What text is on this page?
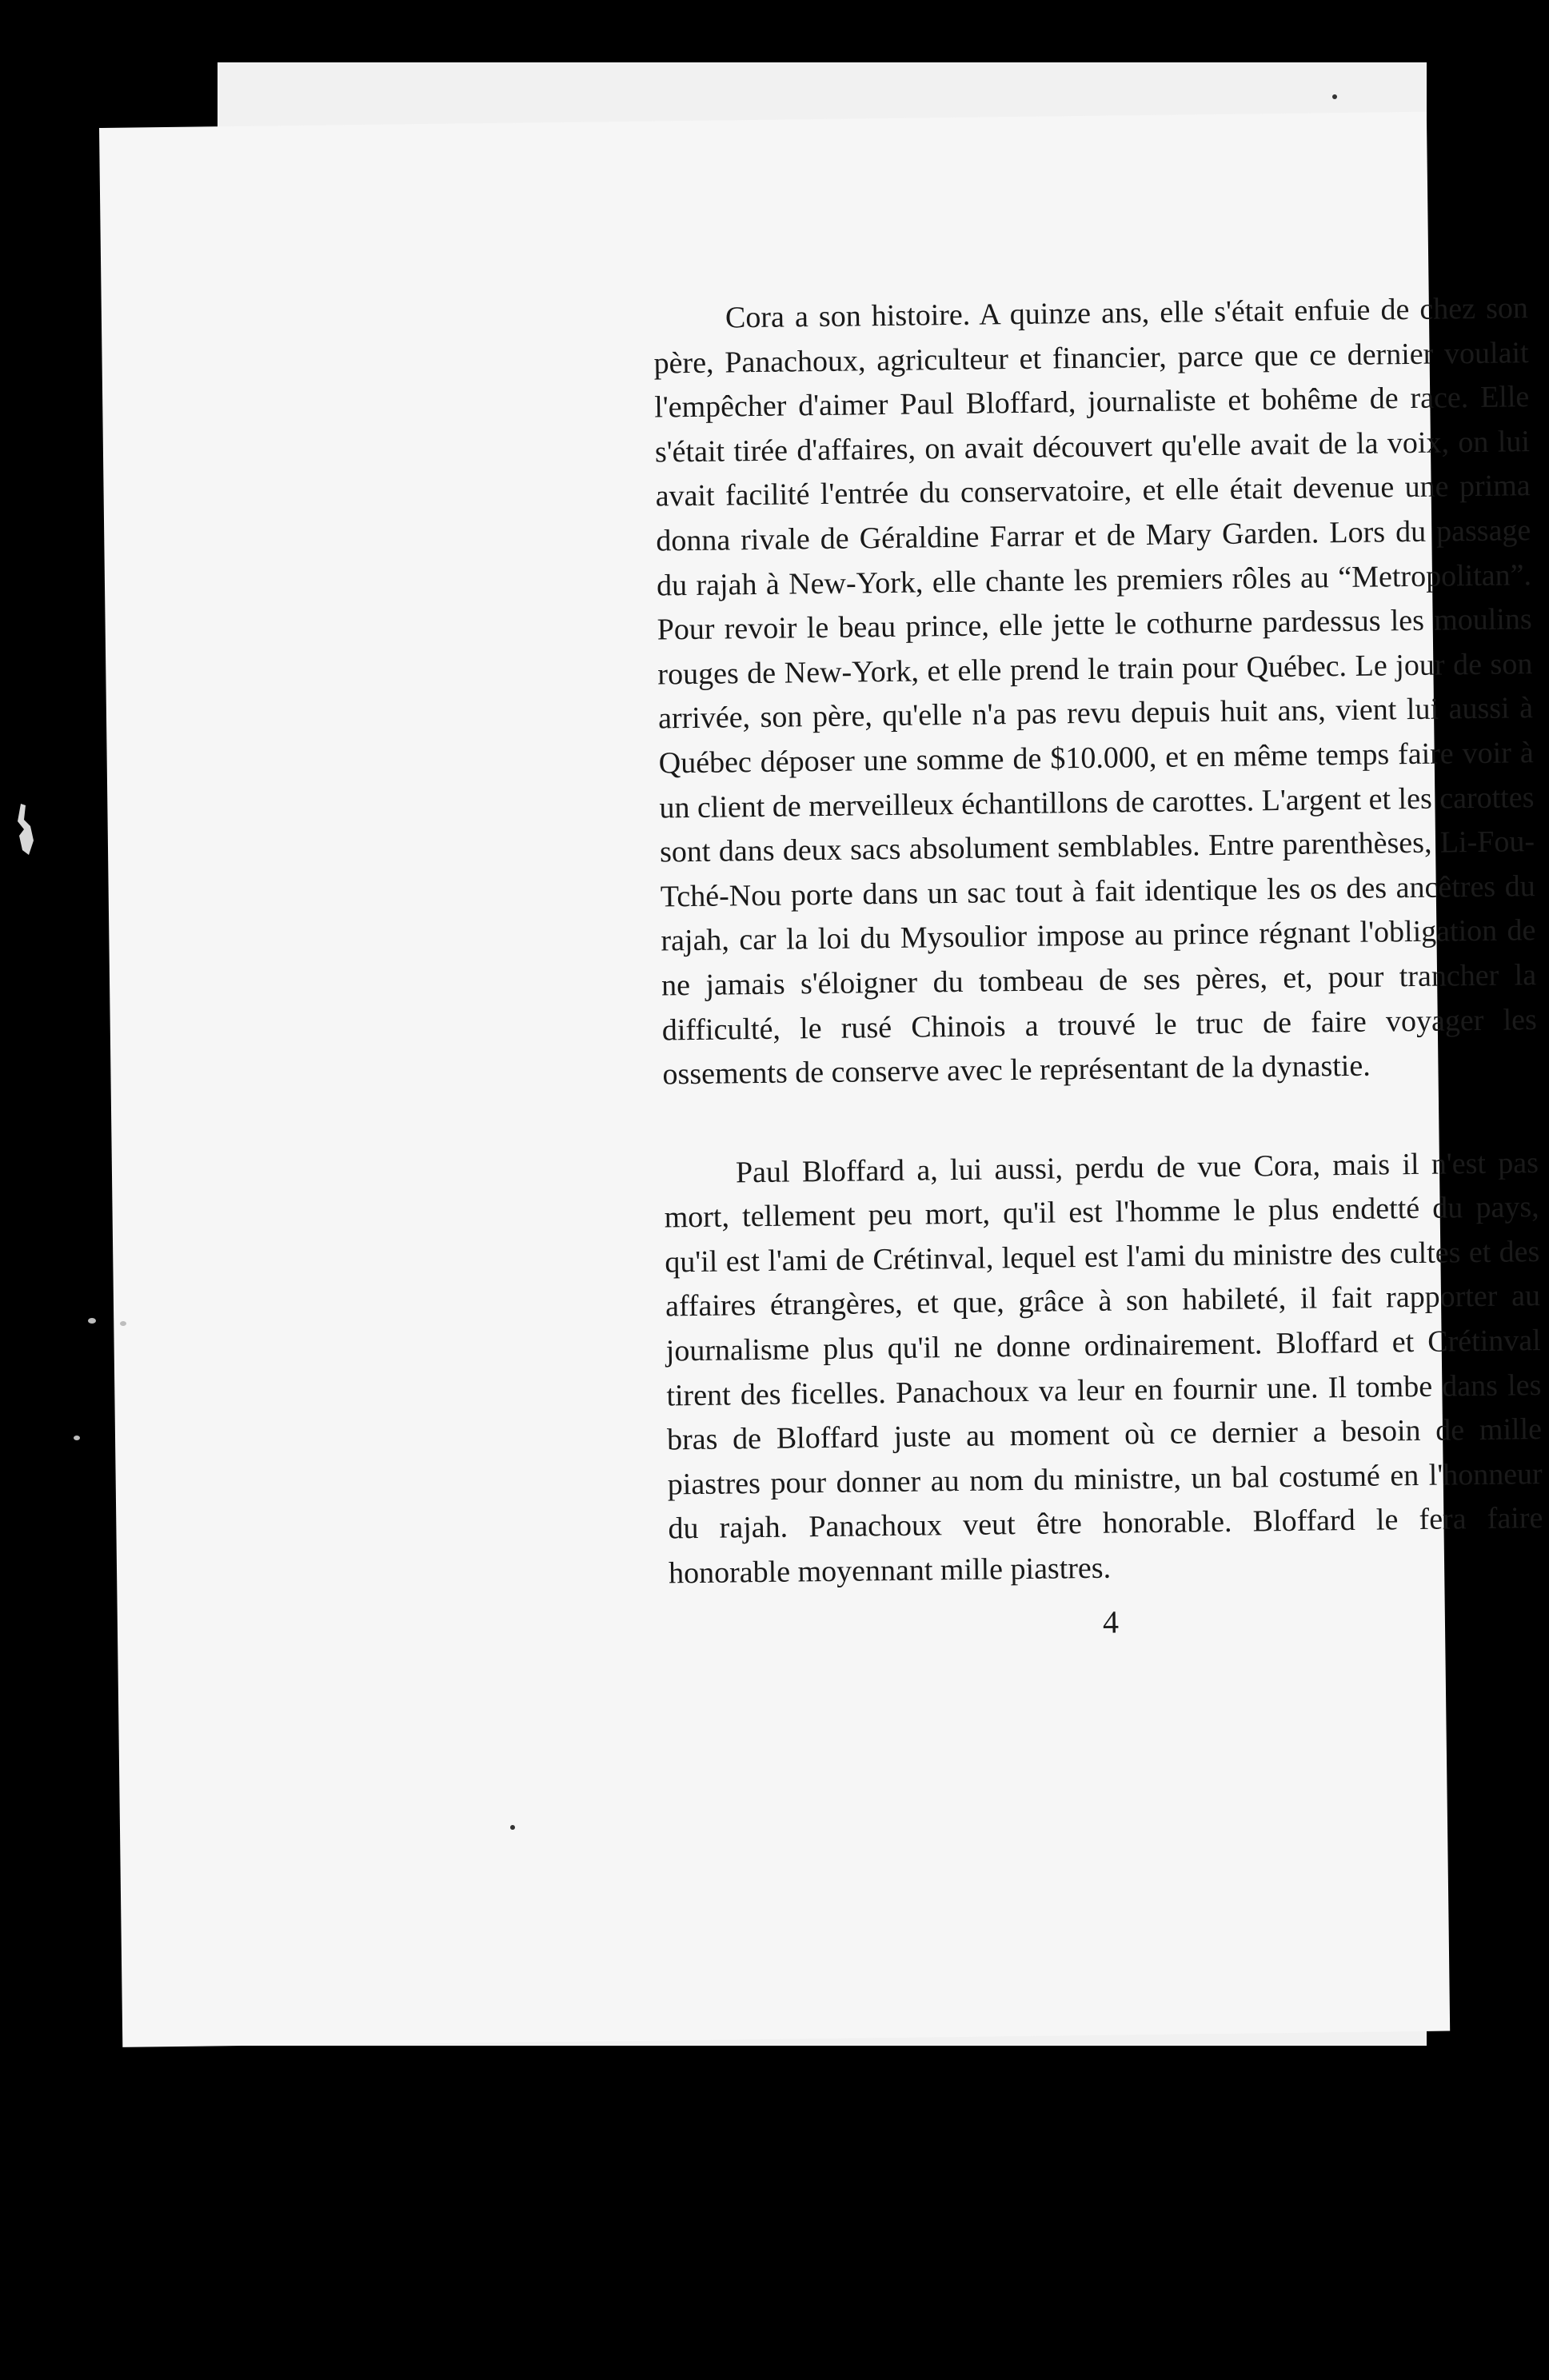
Cora a son histoire. A quinze ans, elle s'était enfuie de chez son père, Panachoux, agriculteur et financier, parce que ce dernier voulait l'empêcher d'aimer Paul Bloffard, journaliste et bohême de race. Elle s'était tirée d'affaires, on avait découvert qu'elle avait de la voix, on lui avait facilité l'entrée du conservatoire, et elle était devenue une prima donna rivale de Géraldine Farrar et de Mary Garden. Lors du passage du rajah à New-York, elle chante les premiers rôles au “Metropolitan”. Pour revoir le beau prince, elle jette le cothurne pardessus les moulins rouges de New-York, et elle prend le train pour Québec. Le jour de son arrivée, son père, qu'elle n'a pas revu depuis huit ans, vient lui aussi à Québec déposer une somme de $10.000, et en même temps faire voir à un client de merveilleux échantillons de carottes. L'argent et les carottes sont dans deux sacs absolument semblables. Entre parenthèses, Li-Fou-Tché-Nou porte dans un sac tout à fait identique les os des ancêtres du rajah, car la loi du Mysoulior impose au prince régnant l'obligation de ne jamais s'éloigner du tombeau de ses pères, et, pour trancher la difficulté, le rusé Chinois a trouvé le truc de faire voyager les ossements de conserve avec le représentant de la dynastie.

Paul Bloffard a, lui aussi, perdu de vue Cora, mais il n'est pas mort, tellement peu mort, qu'il est l'homme le plus endetté du pays, qu'il est l'ami de Crétinval, lequel est l'ami du ministre des cultes et des affaires étrangères, et que, grâce à son habileté, il fait rapporter au journalisme plus qu'il ne donne ordinairement. Bloffard et Crétinval tirent des ficelles. Panachoux va leur en fournir une. Il tombe dans les bras de Bloffard juste au moment où ce dernier a besoin de mille piastres pour donner au nom du ministre, un bal costumé en l'honneur du rajah. Panachoux veut être honorable. Bloffard le fera faire honorable moyennant mille piastres.

4
